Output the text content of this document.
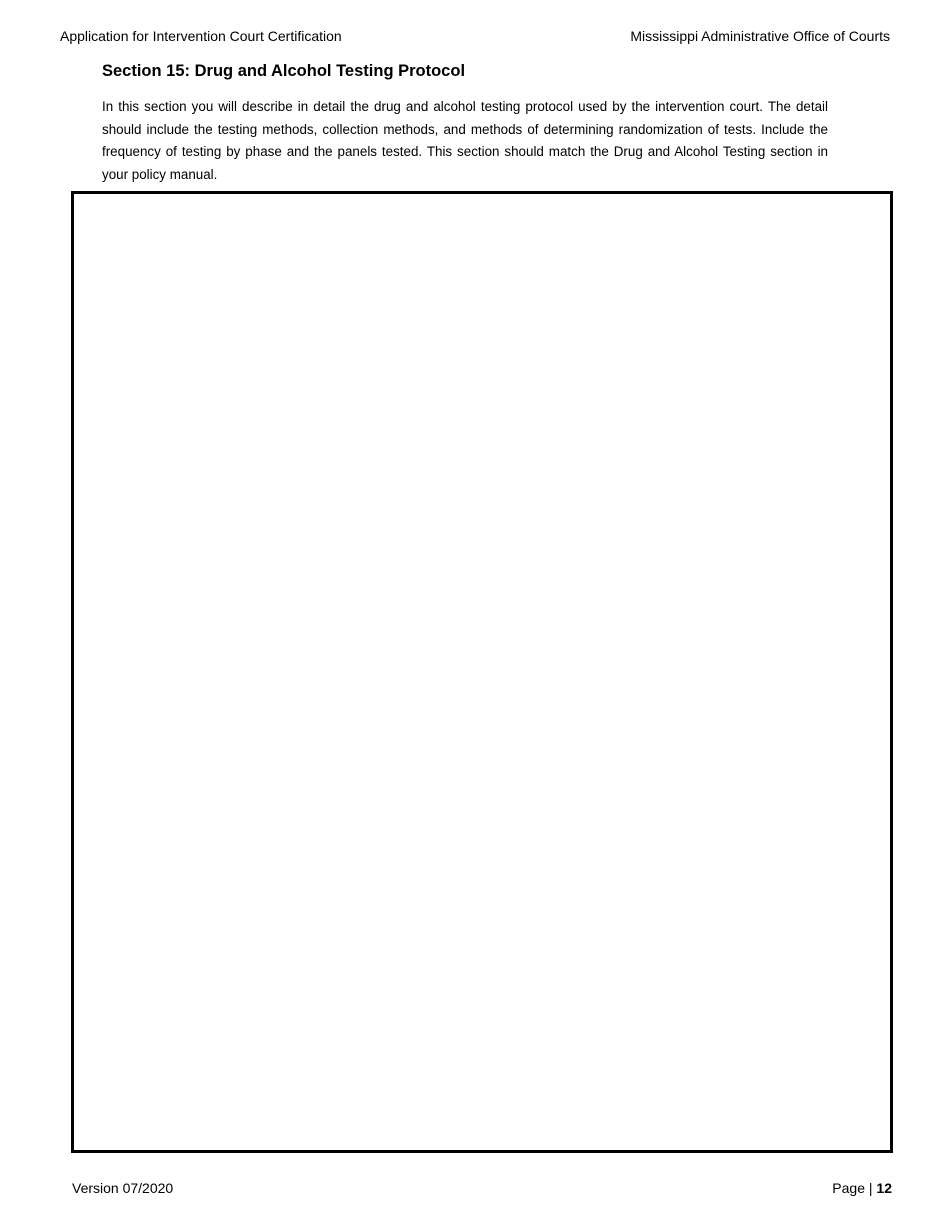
Application for Intervention Court Certification	Mississippi Administrative Office of Courts
Section 15: Drug and Alcohol Testing Protocol

In this section you will describe in detail the drug and alcohol testing protocol used by the intervention court. The detail should include the testing methods, collection methods, and methods of determining randomization of tests. Include the frequency of testing by phase and the panels tested. This section should match the Drug and Alcohol Testing section in your policy manual.

Version 07/2020	Page | 12
